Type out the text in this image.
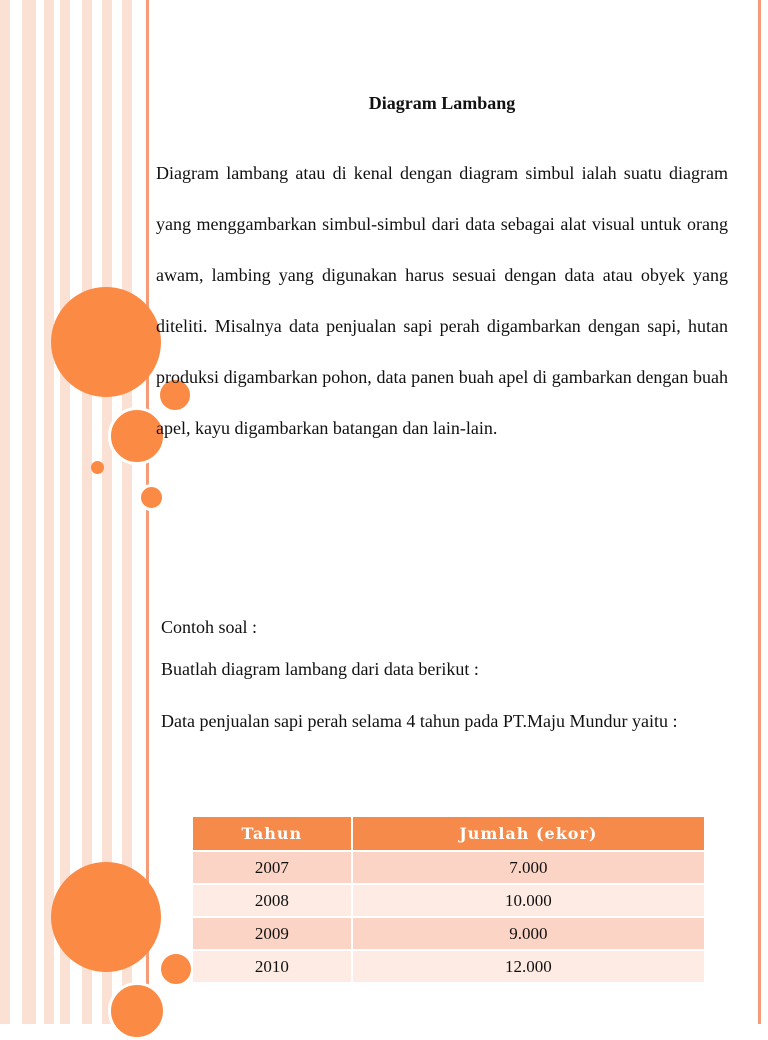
Diagram Lambang

Diagram lambang atau di kenal dengan diagram simbul ialah suatu diagram yang menggambarkan simbul-simbul dari data sebagai alat visual untuk orang awam, lambing yang digunakan harus sesuai dengan data atau obyek yang diteliti. Misalnya data penjualan sapi perah digambarkan dengan sapi, hutan produksi digambarkan pohon, data panen buah apel di gambarkan dengan buah apel, kayu digambarkan batangan dan lain-lain.

Contoh soal :

Buatlah diagram lambang dari data berikut :

Data penjualan sapi perah selama 4 tahun pada PT.Maju Mundur yaitu :

Tahun	Jumlah (ekor)
2007	7.000
2008	10.000
2009	9.000
2010	12.000
